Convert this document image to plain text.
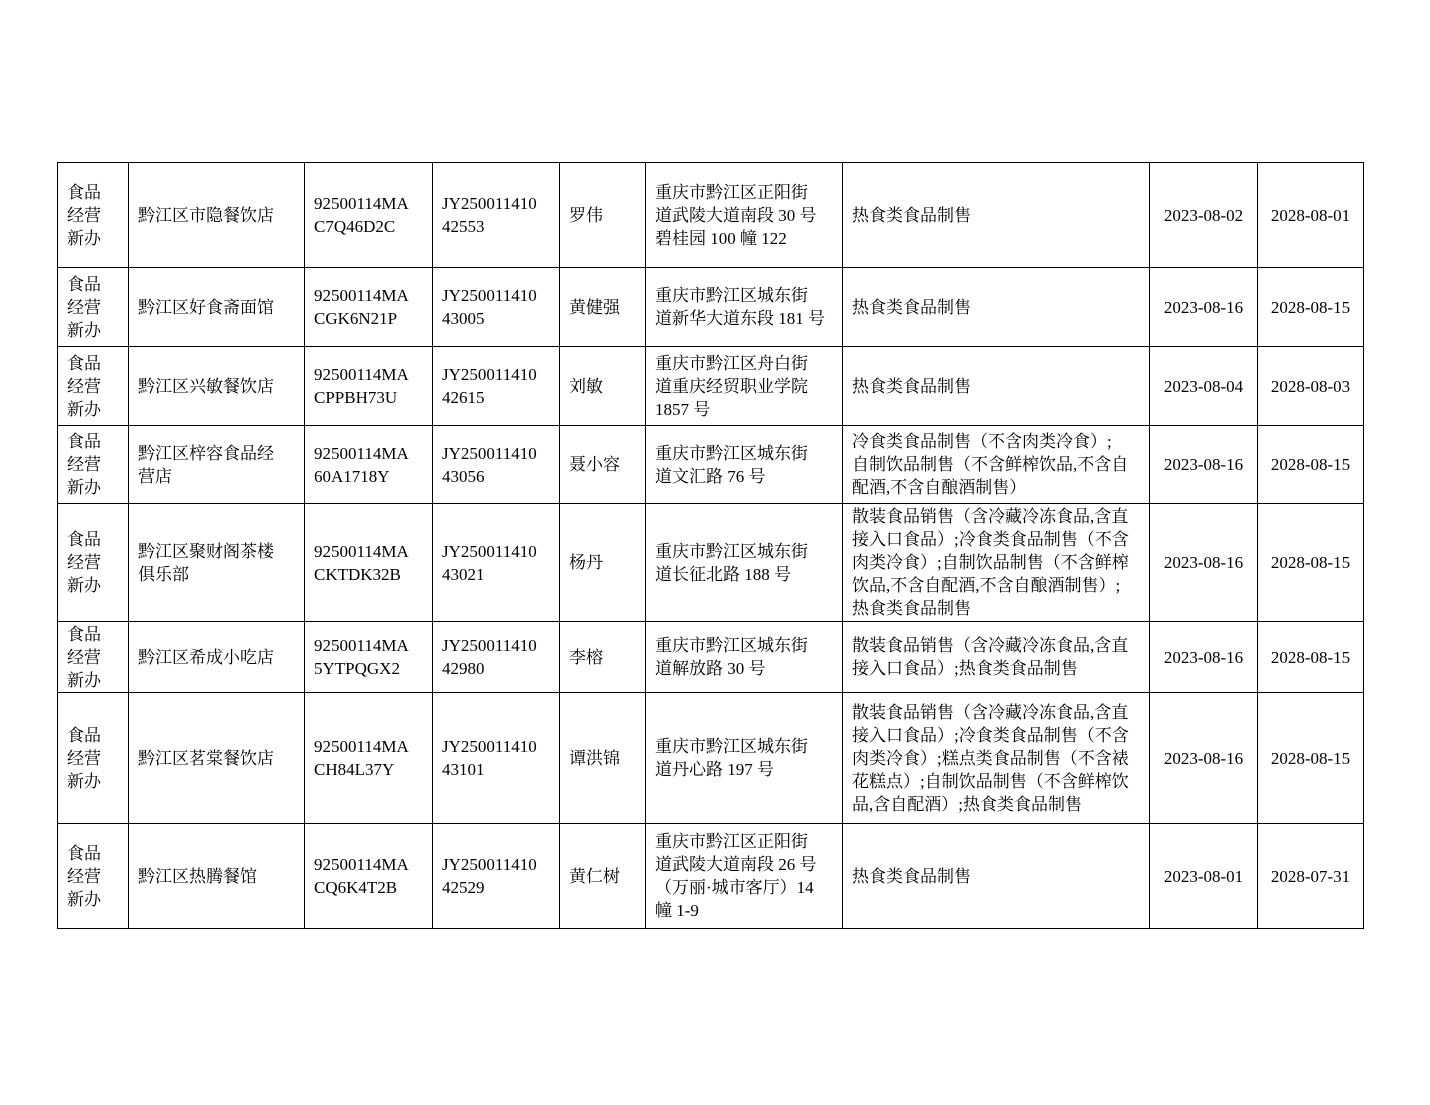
食品
经营
新办	黔江区市隐餐饮店	92500114MA
C7Q46D2C	JY250011410
42553	罗伟	重庆市黔江区正阳街
道武陵大道南段 30 号
碧桂园 100 幢 122	热食类食品制售	2023-08-02	2028-08-01

食品
经营
新办	黔江区好食斋面馆	92500114MA
CGK6N21P	JY250011410
43005	黄健强	重庆市黔江区城东街
道新华大道东段 181 号	热食类食品制售	2023-08-16	2028-08-15

食品
经营
新办	黔江区兴敏餐饮店	92500114MA
CPPBH73U	JY250011410
42615	刘敏	重庆市黔江区舟白街
道重庆经贸职业学院
1857 号	热食类食品制售	2023-08-04	2028-08-03

食品
经营
新办	黔江区梓容食品经
营店	92500114MA
60A1718Y	JY250011410
43056	聂小容	重庆市黔江区城东街
道文汇路 76 号	冷食类食品制售（不含肉类冷食）;
自制饮品制售（不含鲜榨饮品,不含自
配酒,不含自酿酒制售）	2023-08-16	2028-08-15

食品
经营
新办	黔江区聚财阁茶楼
俱乐部	92500114MA
CKTDK32B	JY250011410
43021	杨丹	重庆市黔江区城东街
道长征北路 188 号	散装食品销售（含冷藏冷冻食品,含直
接入口食品）;冷食类食品制售（不含
肉类冷食）;自制饮品制售（不含鲜榨
饮品,不含自配酒,不含自酿酒制售）;
热食类食品制售	2023-08-16	2028-08-15

食品
经营
新办	黔江区希成小吃店	92500114MA
5YTPQGX2	JY250011410
42980	李榕	重庆市黔江区城东街
道解放路 30 号	散装食品销售（含冷藏冷冻食品,含直
接入口食品）;热食类食品制售	2023-08-16	2028-08-15

食品
经营
新办	黔江区茗棠餐饮店	92500114MA
CH84L37Y	JY250011410
43101	谭洪锦	重庆市黔江区城东街
道丹心路 197 号	散装食品销售（含冷藏冷冻食品,含直
接入口食品）;冷食类食品制售（不含
肉类冷食）;糕点类食品制售（不含裱
花糕点）;自制饮品制售（不含鲜榨饮
品,含自配酒）;热食类食品制售	2023-08-16	2028-08-15

食品
经营
新办	黔江区热腾餐馆	92500114MA
CQ6K4T2B	JY250011410
42529	黄仁树	重庆市黔江区正阳街
道武陵大道南段 26 号
（万丽·城市客厅）14
幢 1-9	热食类食品制售	2023-08-01	2028-07-31
